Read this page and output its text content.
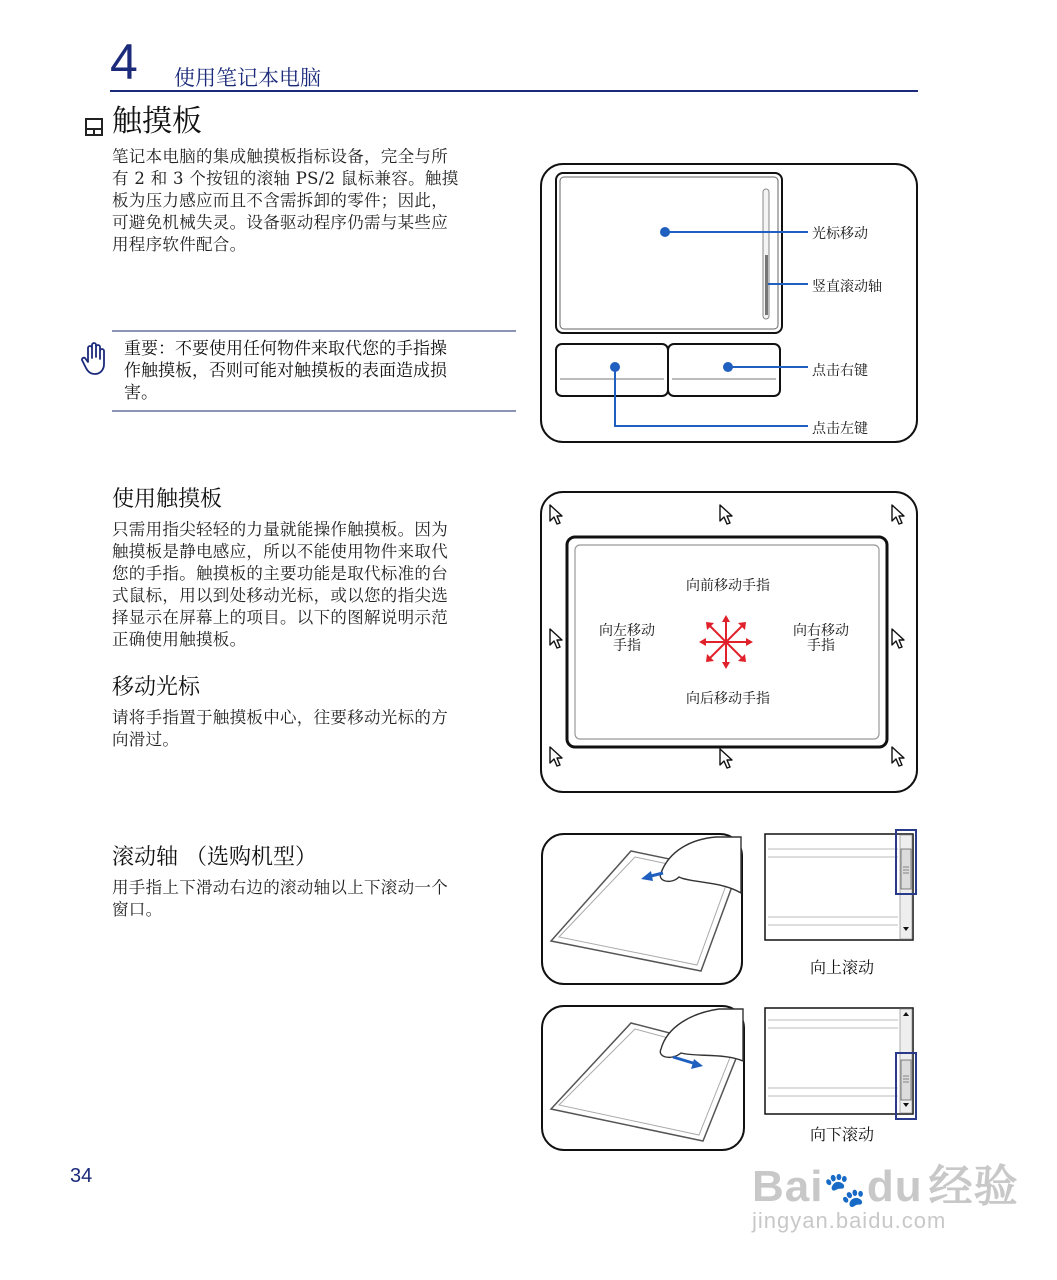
4 使用笔记本电脑
触摸板
笔记本电脑的集成触摸板指标设备，完全与所
有 2 和 3 个按钮的滚轴 PS/2 鼠标兼容。触摸
板为压力感应而且不含需拆卸的零件；因此，
可避免机械失灵。设备驱动程序仍需与某些应
用程序软件配合。
重要：不要使用任何物件来取代您的手指操
作触摸板，否则可能对触摸板的表面造成损
害。
光标移动
竖直滚动轴
点击右键
点击左键
使用触摸板
只需用指尖轻轻的力量就能操作触摸板。因为
触摸板是静电感应，所以不能使用物件来取代
您的手指。触摸板的主要功能是取代标准的台
式鼠标，用以到处移动光标，或以您的指尖选
择显示在屏幕上的项目。以下的图解说明示范
正确使用触摸板。
移动光标
请将手指置于触摸板中心，往要移动光标的方
向滑过。
向前移动手指
向后移动手指
向左移动
手指
向右移动
手指
滚动轴 （选购机型）
用手指上下滑动右边的滚动轴以上下滚动一个
窗口。
向上滚动
向下滚动
34	Bai🐾du 经验
jingyan.baidu.com
